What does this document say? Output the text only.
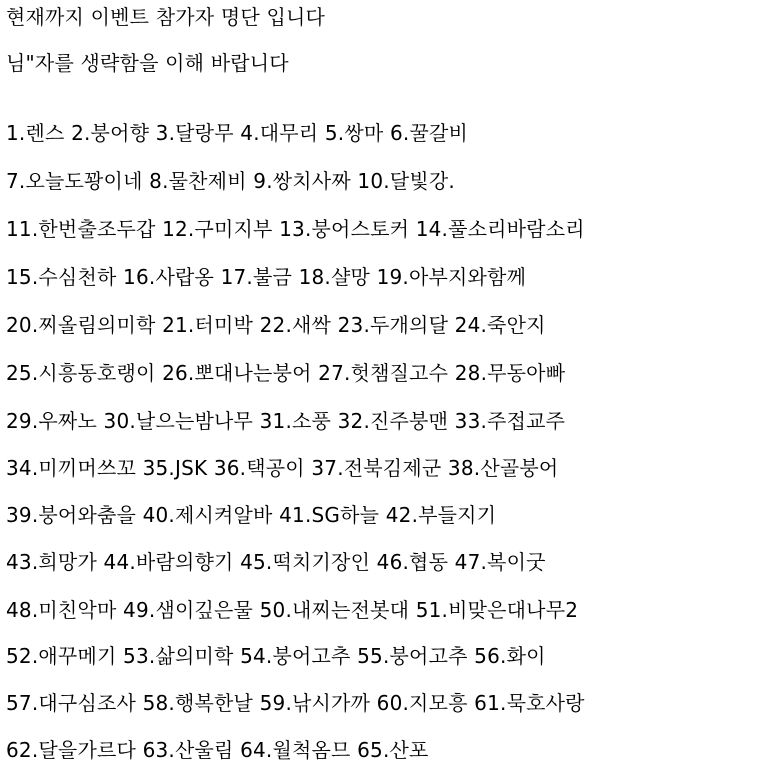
현재까지 이벤트 참가자 명단 입니다
님"자를 생략함을 이해 바랍니다
1.렌스 2.붕어향 3.달랑무 4.대무리 5.쌍마 6.꿀갈비
7.오늘도꽝이네 8.물찬제비 9.쌍치사짜 10.달빛강.
11.한번출조두갑 12.구미지부 13.붕어스토커 14.풀소리바람소리
15.수심천하 16.사랍옹 17.불금 18.샬망 19.아부지와함께
20.찌올림의미학 21.터미박 22.새싹 23.두개의달 24.죽안지
25.시흥동호랭이 26.뽀대나는붕어 27.헛챔질고수 28.무동아빠
29.우짜노 30.날으는밤나무 31.소풍 32.진주붕맨 33.주접교주
34.미끼머쓰꼬 35.JSK 36.택공이 37.전북김제군 38.산골붕어
39.붕어와춤을 40.제시켜알바 41.SG하늘 42.부들지기
43.희망가 44.바람의향기 45.떡치기장인 46.협동 47.복이굿
48.미친악마 49.샘이깊은물 50.내찌는전봇대 51.비맞은대나무2
52.애꾸메기 53.삶의미학 54.붕어고추 55.붕어고추 56.화이
57.대구심조사 58.행복한날 59.낚시가까 60.지모흥 61.묵호사랑
62.달을가르다 63.산울림 64.월척옴므 65.산포
